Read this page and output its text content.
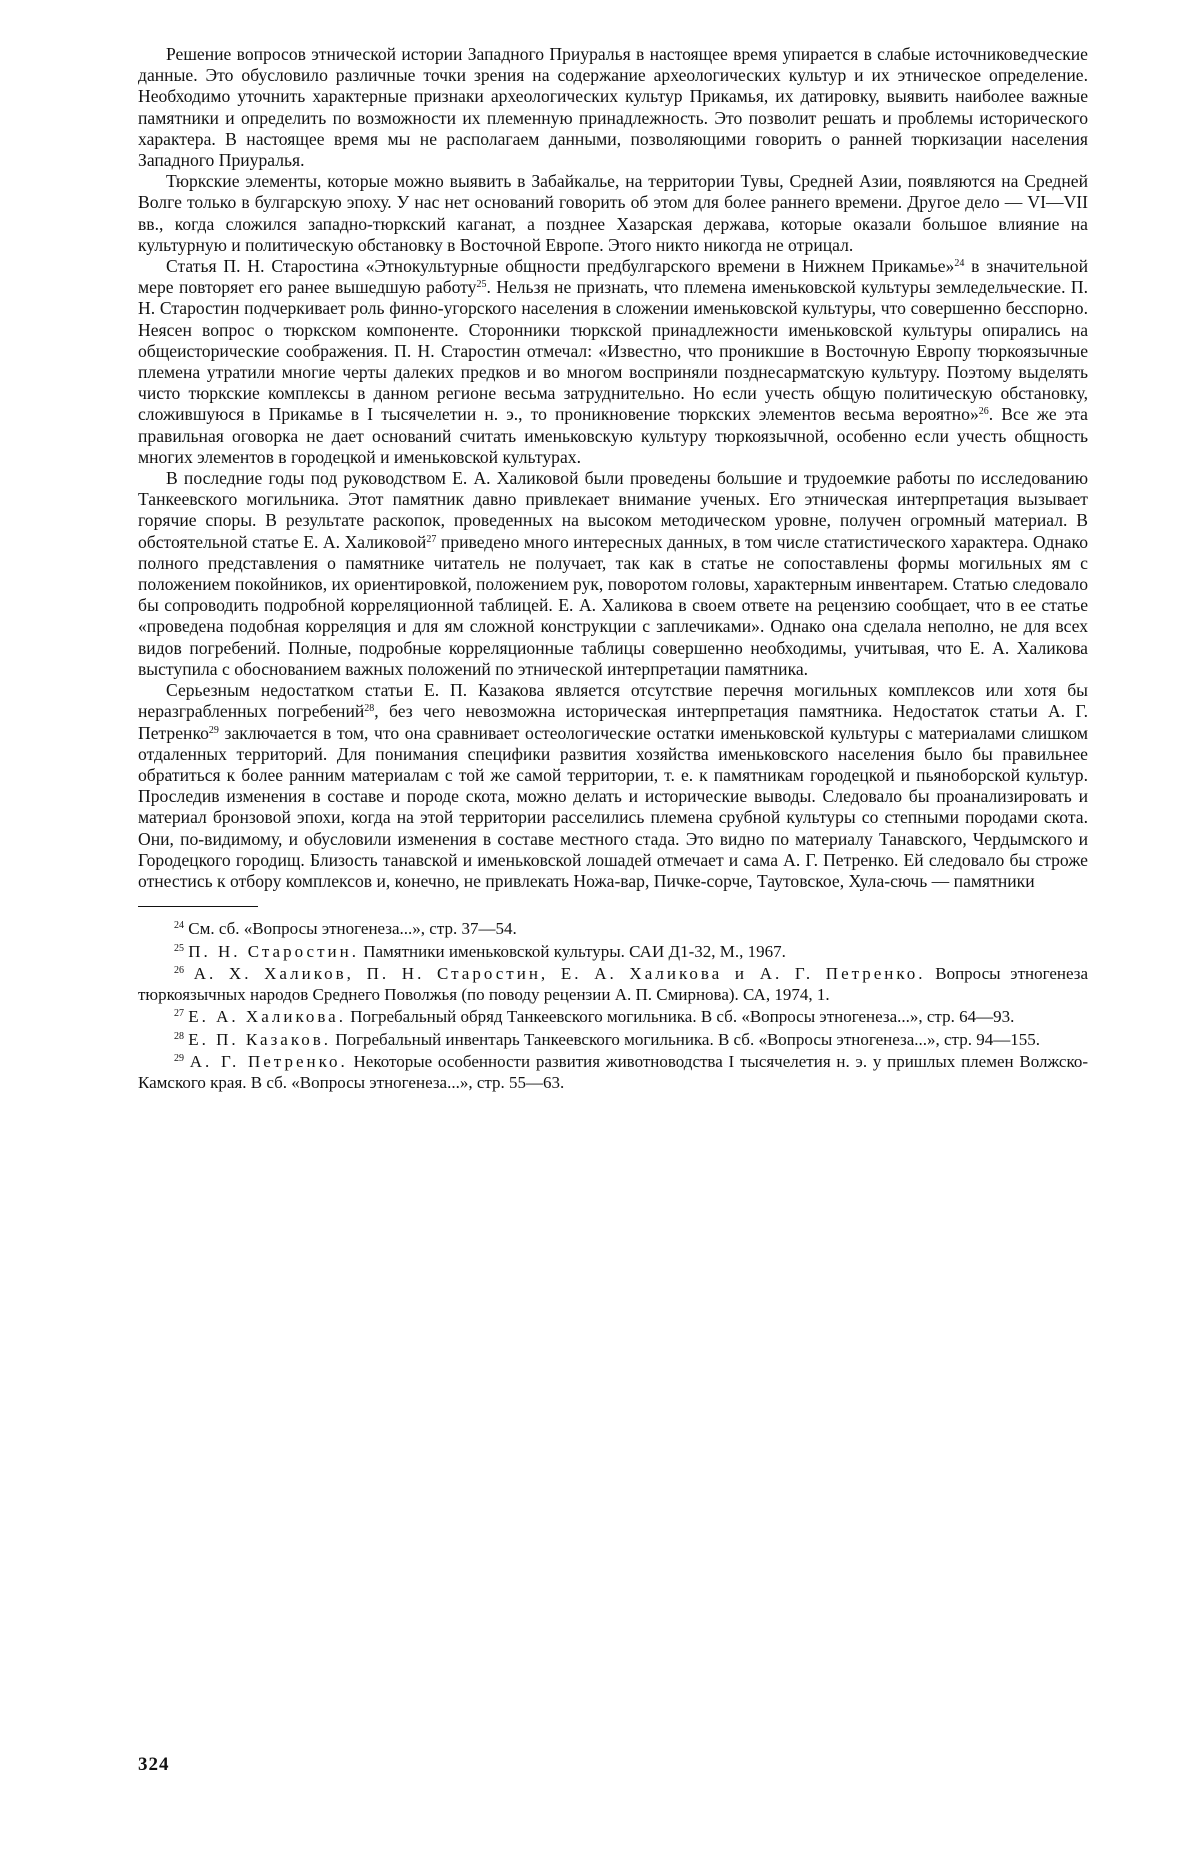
Решение вопросов этнической истории Западного Приуралья в настоящее время упирается в слабые источниковедческие данные. Это обусловило различные точки зрения на содержание археологических культур и их этническое определение. Необходимо уточнить характерные признаки археологических культур Прикамья, их датировку, выявить наиболее важные памятники и определить по возможности их племенную принадлежность. Это позволит решать и проблемы исторического характера. В настоящее время мы не располагаем данными, позволяющими говорить о ранней тюркизации населения Западного Приуралья.

Тюркские элементы, которые можно выявить в Забайкалье, на территории Тувы, Средней Азии, появляются на Средней Волге только в булгарскую эпоху. У нас нет оснований говорить об этом для более раннего времени. Другое дело — VI—VII вв., когда сложился западно-тюркский каганат, а позднее Хазарская держава, которые оказали большое влияние на культурную и политическую обстановку в Восточной Европе. Этого никто никогда не отрицал.

Статья П. Н. Старостина «Этнокультурные общности предбулгарского времени в Нижнем Прикамье»$^{24}$ в значительной мере повторяет его ранее вышедшую работу$^{25}$. Нельзя не признать, что племена именьковской культуры земледельческие. П. Н. Старостин подчеркивает роль финно-угорского населения в сложении именьковской культуры, что совершенно бесспорно. Неясен вопрос о тюркском компоненте. Сторонники тюркской принадлежности именьковской культуры опирались на общеисторические соображения. П. Н. Старостин отмечал: «Известно, что проникшие в Восточную Европу тюркоязычные племена утратили многие черты далеких предков и во многом восприняли позднесарматскую культуру. Поэтому выделять чисто тюркские комплексы в данном регионе весьма затруднительно. Но если учесть общую политическую обстановку, сложившуюся в Прикамье в I тысячелетии н. э., то проникновение тюркских элементов весьма вероятно»$^{26}$. Все же эта правильная оговорка не дает оснований считать именьковскую культуру тюркоязычной, особенно если учесть общность многих элементов в городецкой и именьковской культурах.

В последние годы под руководством Е. А. Халиковой были проведены большие и трудоемкие работы по исследованию Танкеевского могильника. Этот памятник давно привлекает внимание ученых. Его этническая интерпретация вызывает горячие споры. В результате раскопок, проведенных на высоком методическом уровне, получен огромный материал. В обстоятельной статье Е. А. Халиковой$^{27}$ приведено много интересных данных, в том числе статистического характера. Однако полного представления о памятнике читатель не получает, так как в статье не сопоставлены формы могильных ям с положением покойников, их ориентировкой, положением рук, поворотом головы, характерным инвентарем. Статью следовало бы сопроводить подробной корреляционной таблицей. Е. А. Халикова в своем ответе на рецензию сообщает, что в ее статье «проведена подобная корреляция и для ям сложной конструкции с заплечиками». Однако она сделала неполно, не для всех видов погребений. Полные, подробные корреляционные таблицы совершенно необходимы, учитывая, что Е. А. Халикова выступила с обоснованием важных положений по этнической интерпретации памятника.

Серьезным недостатком статьи Е. П. Казакова является отсутствие перечня могильных комплексов или хотя бы неразграбленных погребений$^{28}$, без чего невозможна историческая интерпретация памятника. Недостаток статьи А. Г. Петренко$^{29}$ заключается в том, что она сравнивает остеологические остатки именьковской культуры с материалами слишком отдаленных территорий. Для понимания специфики развития хозяйства именьковского населения было бы правильнее обратиться к более ранним материалам с той же самой территории, т. е. к памятникам городецкой и пьяноборской культур. Проследив изменения в составе и породе скота, можно делать и исторические выводы. Следовало бы проанализировать и материал бронзовой эпохи, когда на этой территории расселились племена срубной культуры со степными породами скота. Они, по-видимому, и обусловили изменения в составе местного стада. Это видно по материалу Танавского, Чердымского и Городецкого городищ. Близость танавской и именьковской лошадей отмечает и сама А. Г. Петренко. Ей следовало бы строже отнестись к отбору комплексов и, конечно, не привлекать Ножа-вар, Пичке-сорче, Таутовское, Хула-сючь — памятники

$^{24}$ См. сб. «Вопросы этногенеза...», стр. 37—54.

$^{25}$ П. Н. Старостин. Памятники именьковской культуры. САИ Д1-32, М., 1967.

$^{26}$ А. Х. Халиков, П. Н. Старостин, Е. А. Халикова и А. Г. Петренко. Вопросы этногенеза тюркоязычных народов Среднего Поволжья (по поводу рецензии А. П. Смирнова). СА, 1974, 1.

$^{27}$ Е. А. Халикова. Погребальный обряд Танкеевского могильника. В сб. «Вопросы этногенеза...», стр. 64—93.

$^{28}$ Е. П. Казаков. Погребальный инвентарь Танкеевского могильника. В сб. «Вопросы этногенеза...», стр. 94—155.

$^{29}$ А. Г. Петренко. Некоторые особенности развития животноводства I тысячелетия н. э. у пришлых племен Волжско-Камского края. В сб. «Вопросы этногенеза...», стр. 55—63.

324
